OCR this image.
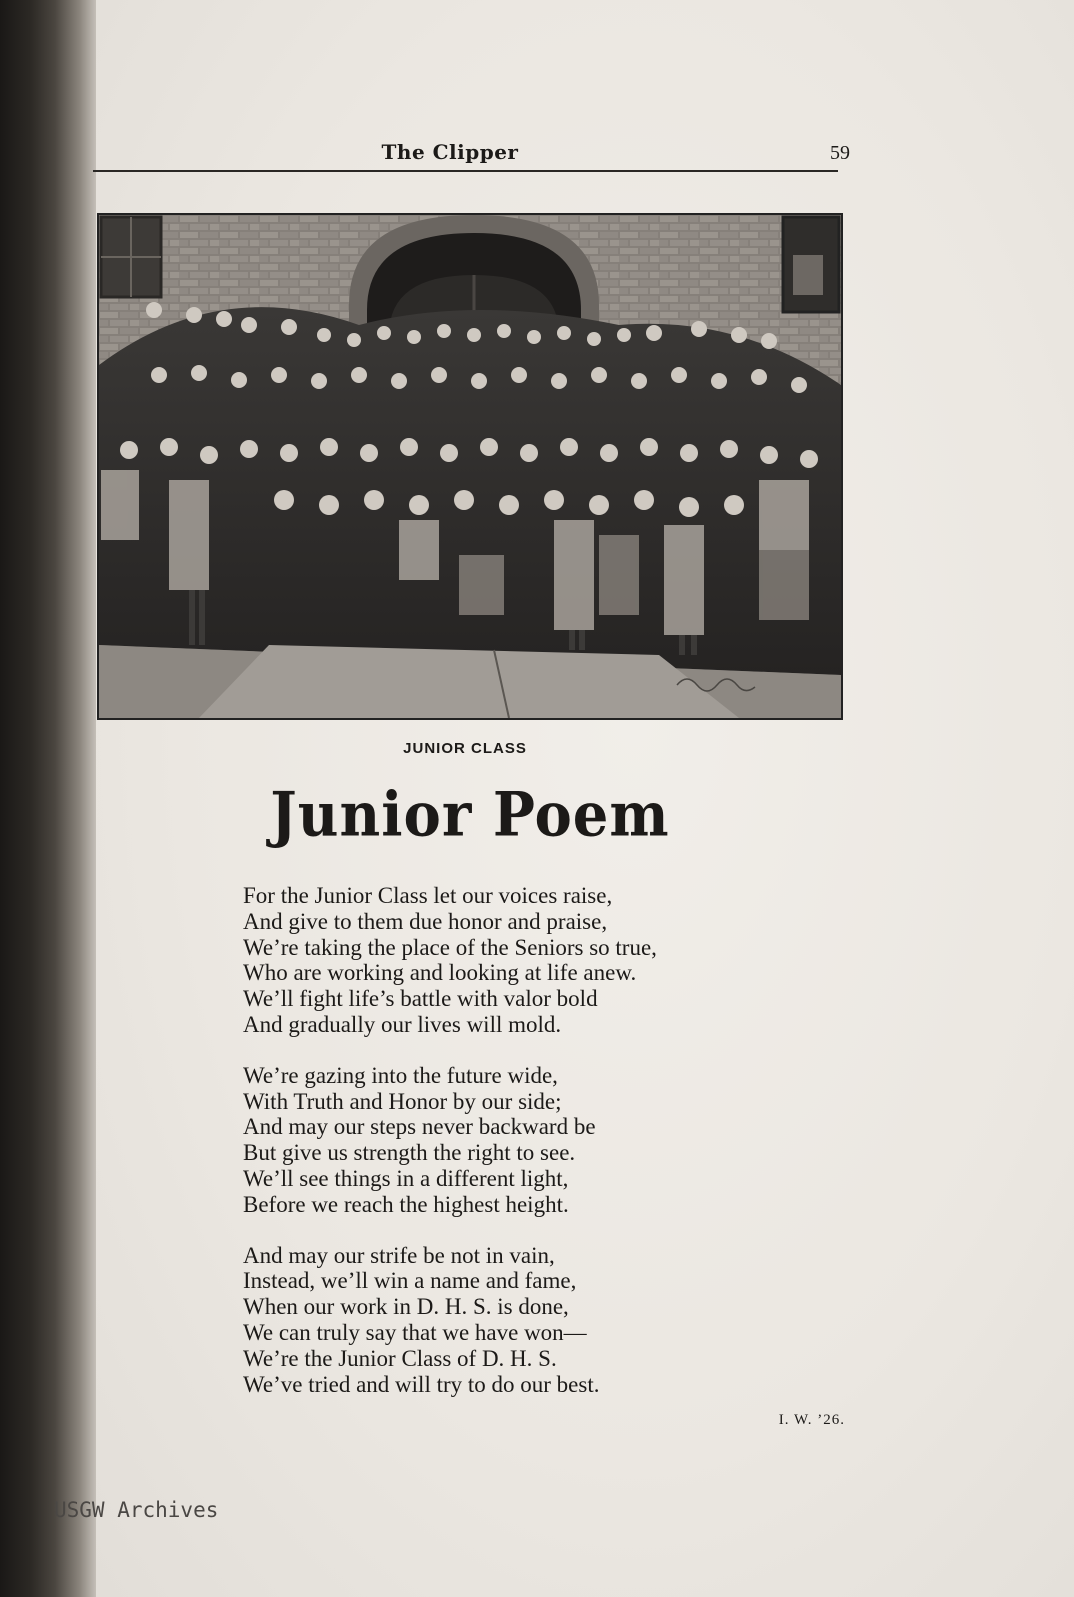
The Clipper	59
JUNIOR CLASS
Junior Poem
For the Junior Class let our voices raise,
And give to them due honor and praise,
We’re taking the place of the Seniors so true,
Who are working and looking at life anew.
We’ll fight life’s battle with valor bold
And gradually our lives will mold.
We’re gazing into the future wide,
With Truth and Honor by our side;
And may our steps never backward be
But give us strength the right to see.
We’ll see things in a different light,
Before we reach the highest height.
And may our strife be not in vain,
Instead, we’ll win a name and fame,
When our work in D. H. S. is done,
We can truly say that we have won—
We’re the Junior Class of D. H. S.
We’ve tried and will try to do our best.
I. W. ’26.
USGW Archives
